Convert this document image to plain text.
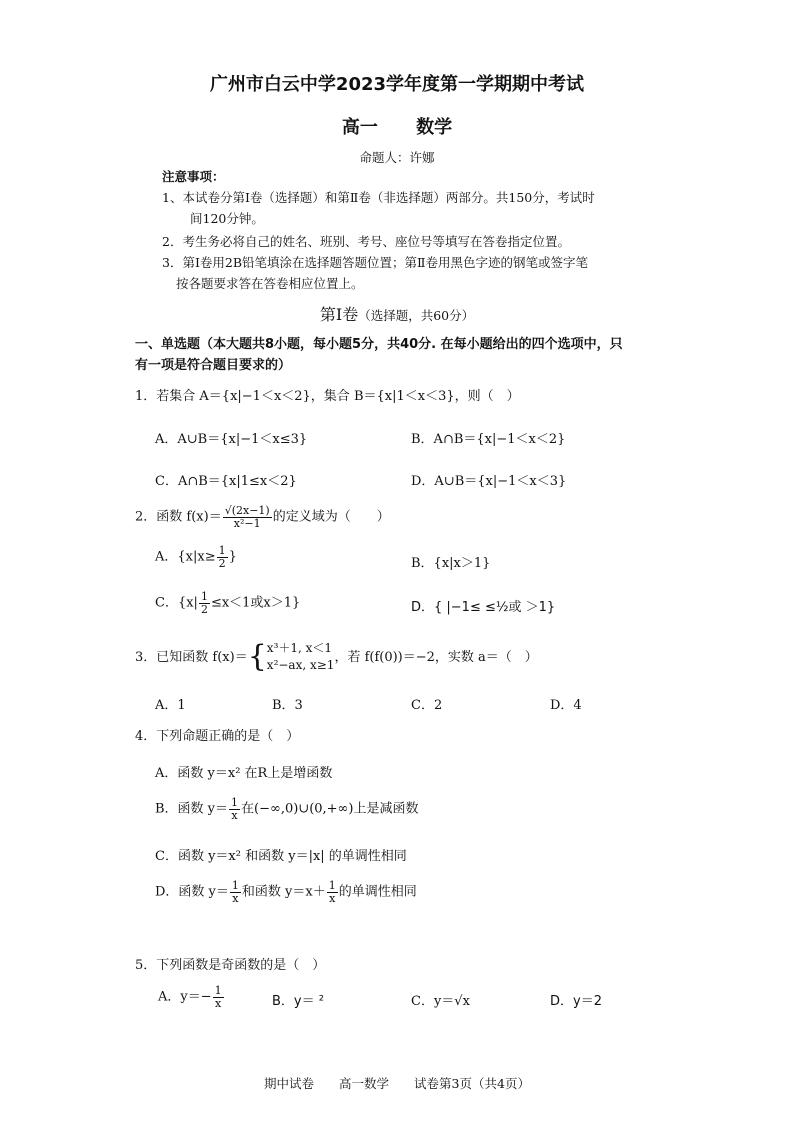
广州市白云中学2023学年度第一学期期中考试
高一 数学
命题人：许娜
注意事项：
1、本试卷分第Ⅰ卷（选择题）和第Ⅱ卷（非选择题）两部分。共150分，考试时
间120分钟。
2．考生务必将自己的姓名、班别、考号、座位号等填写在答卷指定位置。
3．第Ⅰ卷用2B铅笔填涂在选择题答题位置；第Ⅱ卷用黑色字迹的钢笔或签字笔
按各题要求答在答卷相应位置上。
第Ⅰ卷（选择题，共60分）
一、单选题（本大题共8小题，每小题5分，共40分. 在每小题给出的四个选项中，只
有一项是符合题目要求的）
1．若集合 A＝{x|−1＜x＜2}，集合 B＝{x|1＜x＜3}，则（　）
A．A∪B＝{x|−1＜x≤3}	B．A∩B＝{x|−1＜x＜2}
C．A∩B＝{x|1≤x＜2}	D．A∪B＝{x|−1＜x＜3}
2．函数 $f(x)= \frac{√(2x-1)}{\text{x²−1}}$ 的定义域为（　　）
A．{$x|x\ge \frac{1}{2}$ }	B．{x|x＞1}
C．{$x| \frac{1}{2} \le x<1$或x＞1}	D．{ |−1≤ ≤½或 ＞1}
3．已知函数 f(x)＝{ x³＋1, x＜1
x²−ax, x≥1
，若 f(f(0))＝−2，实数 a＝（　）
A．1	B．3	C．2	D．4
4．下列命题正确的是（　）
A．函数 y＝x² 在R上是增函数
B．函数 $y= \frac{1}{x}$ 在(−∞,0)∪(0,+∞)上是减函数
C．函数 y＝x² 和函数 y＝|x| 的单调性相同
D．函数 $y= \frac{1}{x}$ 和函数 $y=x+ \frac{1}{x}$ 的单调性相同
5．下列函数是奇函数的是（　）
A．$y=- \frac{1}{x}$	B．y＝ ²	C．y＝√x	D．y＝2
期中试卷　　高一数学　　试卷第3页（共4页）
